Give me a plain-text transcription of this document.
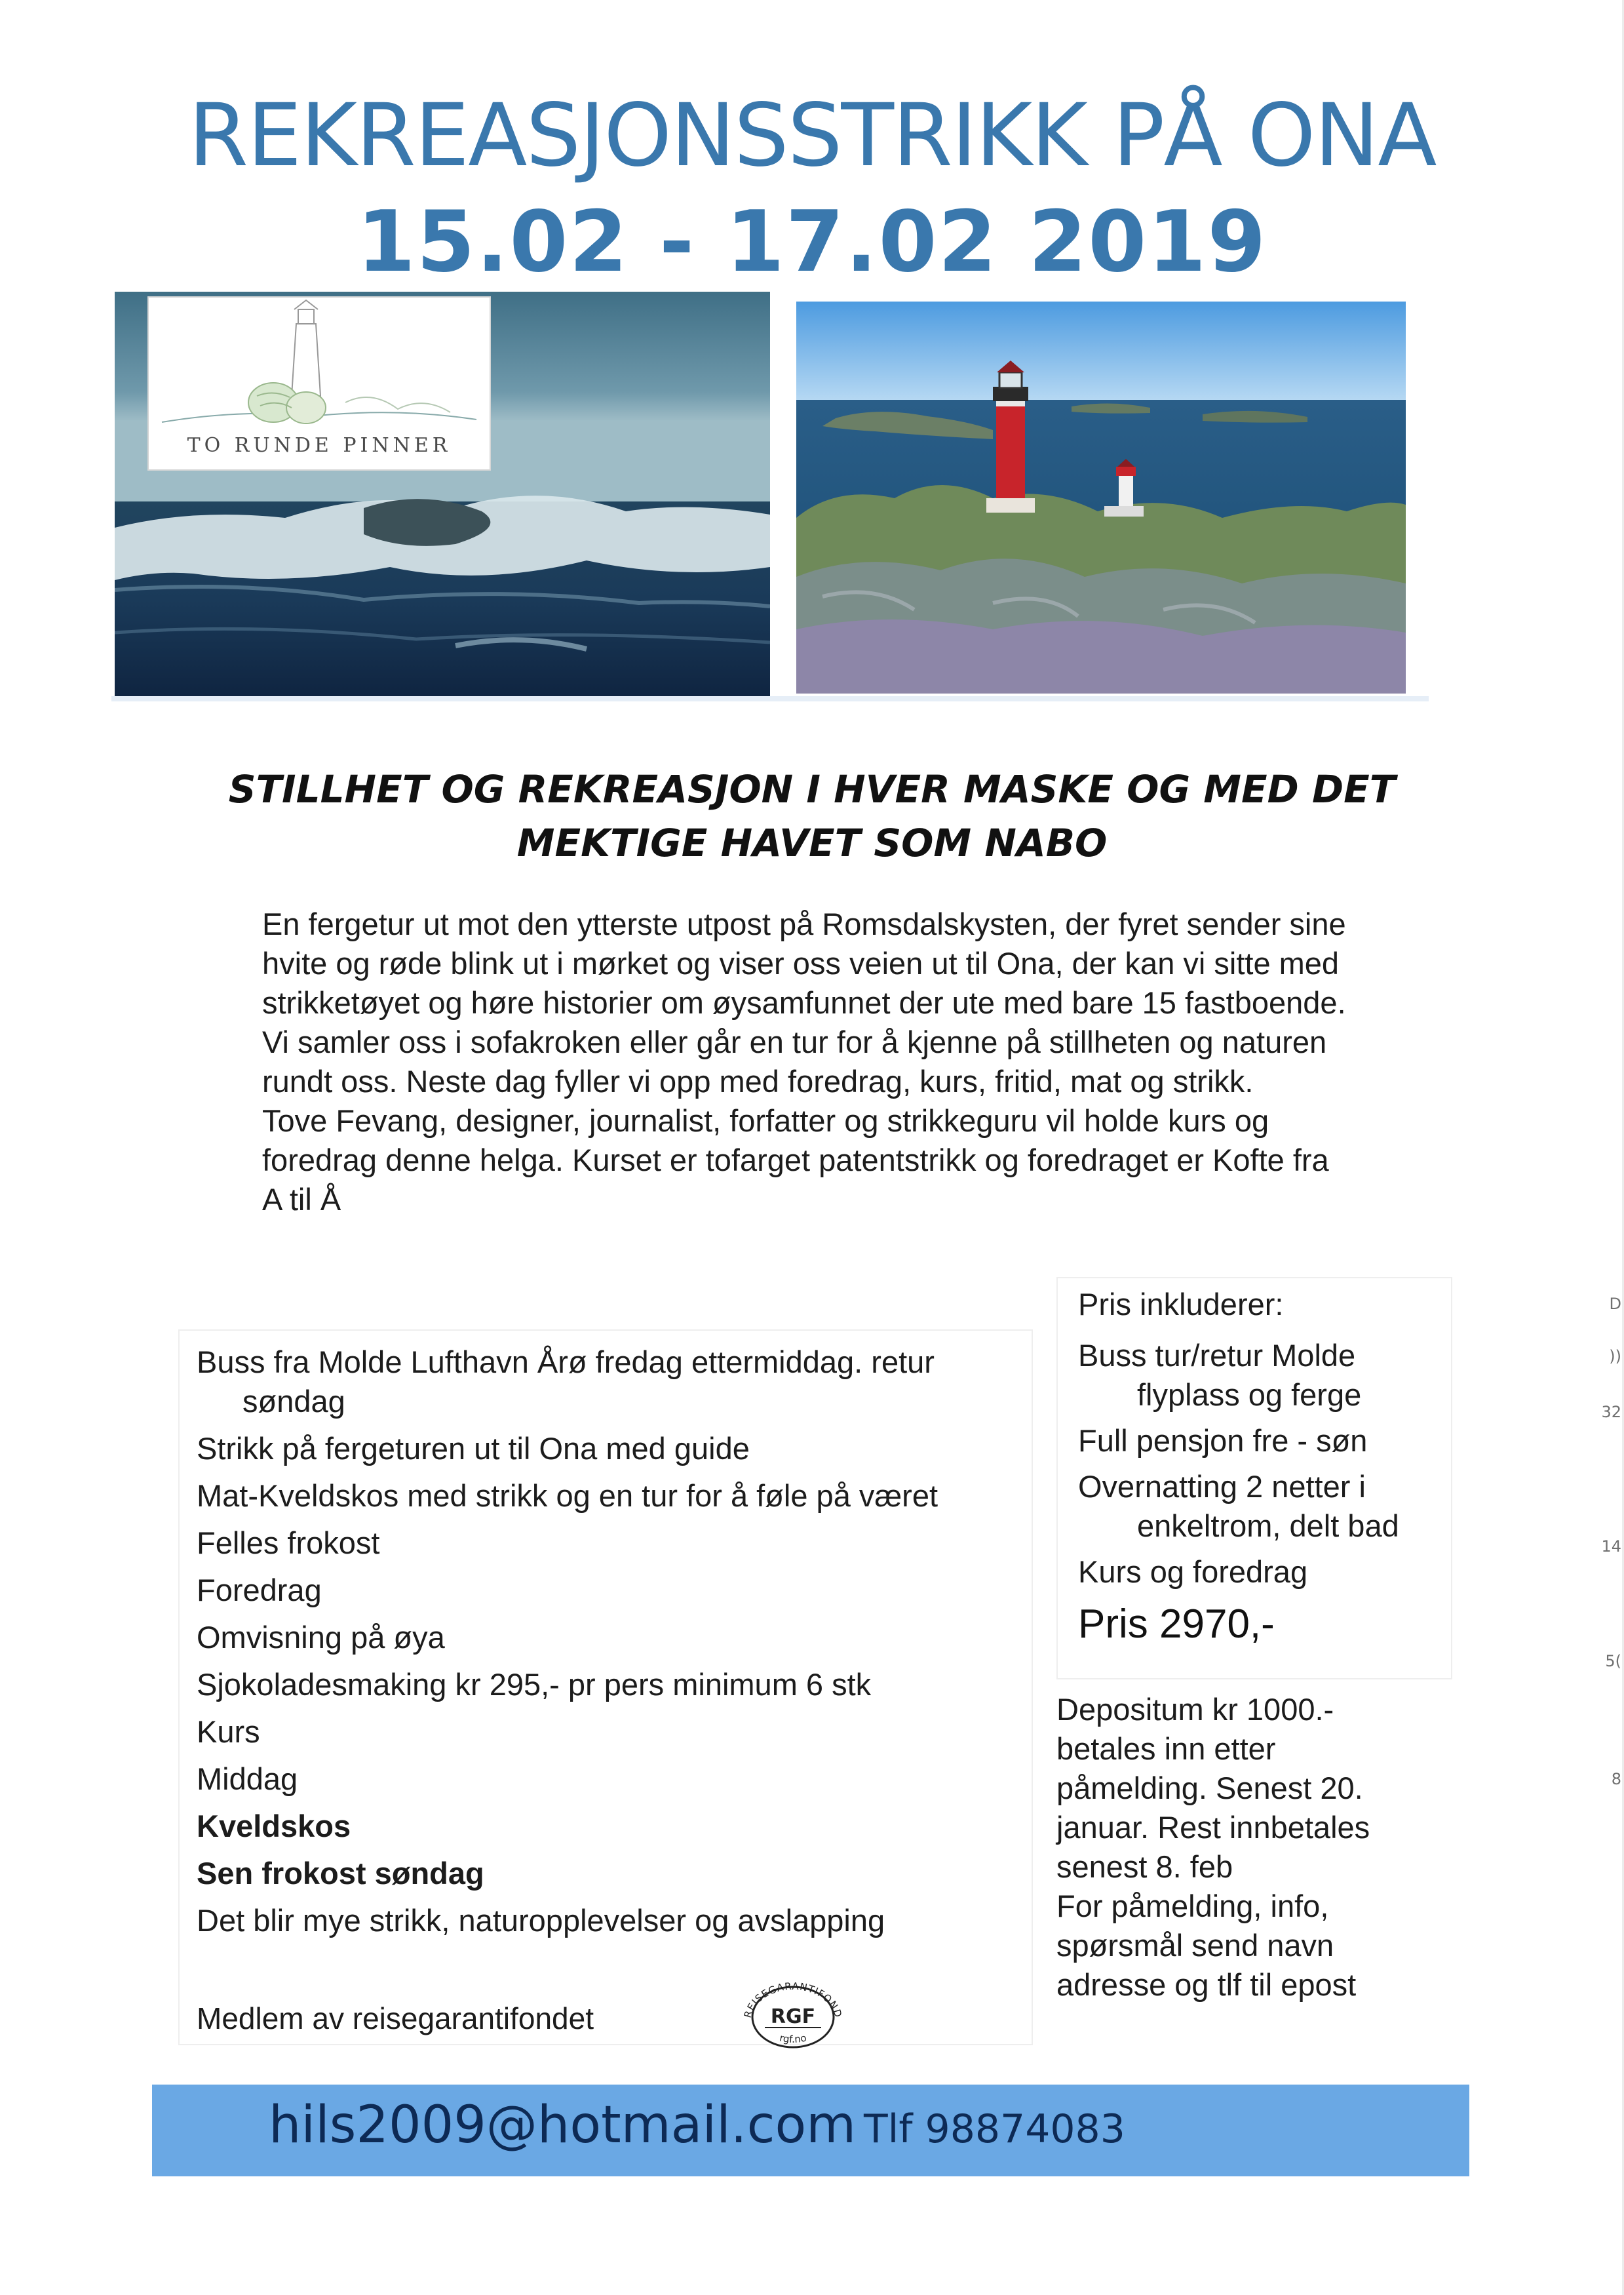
REKREASJONSSTRIKK PÅ ONA
15.02 - 17.02 2019
TO RUNDE PINNER
STILLHET OG REKREASJON I HVER MASKE OG MED DET
MEKTIGE HAVET SOM NABO

En fergetur ut mot den ytterste utpost på Romsdalskysten, der fyret sender sine hvite og røde blink ut i mørket og viser oss veien ut til Ona, der kan vi sitte med strikketøyet og høre historier om øysamfunnet der ute med bare 15 fastboende. Vi samler oss i sofakroken eller går en tur for å kjenne på stillheten og naturen rundt oss. Neste dag fyller vi opp med foredrag, kurs, fritid, mat og strikk.

Tove Fevang, designer, journalist, forfatter og strikkeguru vil holde kurs og foredrag denne helga. Kurset er tofarget patentstrikk og foredraget er Kofte fra A til Å

Buss fra Molde Lufthavn Årø fredag ettermiddag. retur søndag
Strikk på fergeturen ut til Ona med guide
Mat-Kveldskos med strikk og en tur for å føle på været
Felles frokost
Foredrag
Omvisning på øya
Sjokoladesmaking kr 295,- pr pers minimum 6 stk
Kurs
Middag
Kveldskos
Sen frokost søndag
Det blir mye strikk, naturopplevelser og avslapping
Medlem av reisegarantifondet	REISEGARANTIFOND
RGF
rgf.no
Pris inkluderer:
Buss tur/retur Molde flyplass og ferge
Full pensjon fre - søn
Overnatting 2 netter i enkeltrom, delt bad
Kurs og foredrag
Pris 2970,-

Depositum kr 1000.- betales inn etter påmelding. Senest 20. januar. Rest innbetales senest 8. feb

For påmelding, info, spørsmål send navn adresse og tlf til epost

hils2009@hotmail.com Tlf 98874083
D
))
32
14
5(
8
